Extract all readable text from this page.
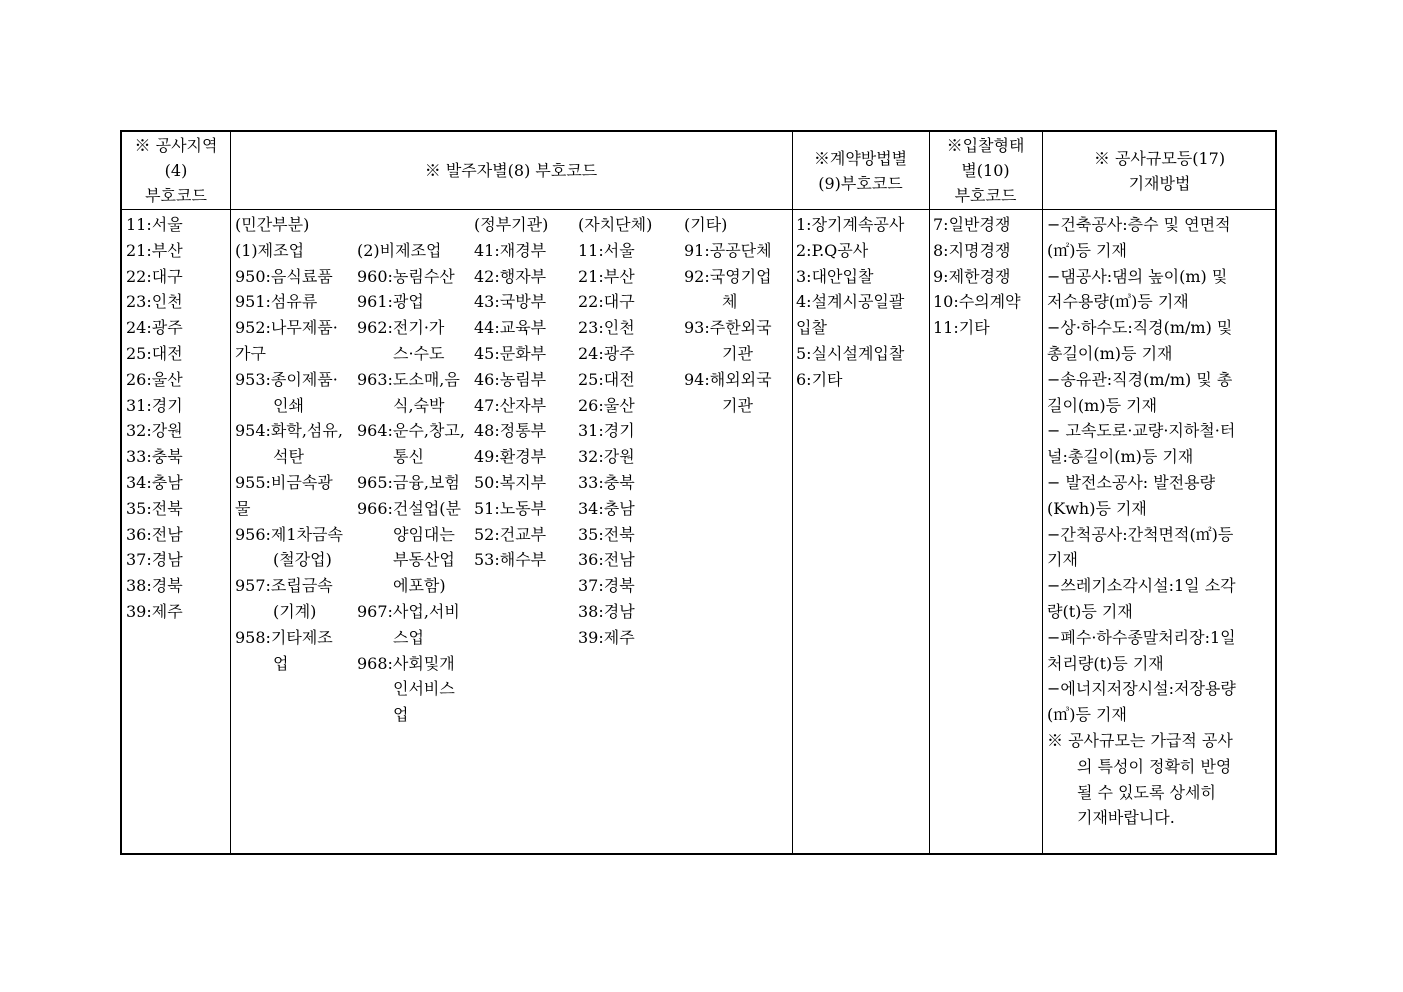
※ 공사지역
(4)
부호코드
※ 발주자별(8) 부호코드
※계약방법별
(9)부호코드
※입찰형태
별(10)
부호코드
※ 공사규모등(17)
기재방법
11:서울
21:부산
22:대구
23:인천
24:광주
25:대전
26:울산
31:경기
32:강원
33:충북
34:충남
35:전북
36:전남
37:경남
38:경북
39:제주
(민간부분)
(1)제조업
950:음식료품
951:섬유류
952:나무제품·
가구
953:종이제품·
인쇄
954:화학,섬유,
석탄
955:비금속광
물
956:제1차금속
(철강업)
957:조립금속
(기계)
958:기타제조
업
(2)비제조업
960:농림수산
961:광업
962:전기·가
스·수도
963:도소매,음
식,숙박
964:운수,창고,
통신
965:금융,보험
966:건설업(분
양임대는
부동산업
에포함)
967:사업,서비
스업
968:사회및개
인서비스
업
(정부기관)
41:재경부
42:행자부
43:국방부
44:교육부
45:문화부
46:농림부
47:산자부
48:정통부
49:환경부
50:복지부
51:노동부
52:건교부
53:해수부
(자치단체)
11:서울
21:부산
22:대구
23:인천
24:광주
25:대전
26:울산
31:경기
32:강원
33:충북
34:충남
35:전북
36:전남
37:경북
38:경남
39:제주
(기타)
91:공공단체
92:국영기업
체
93:주한외국
기관
94:해외외국
기관
1:장기계속공사
2:P.Q공사
3:대안입찰
4:설계시공일괄
입찰
5:실시설계입찰
6:기타
7:일반경쟁
8:지명경쟁
9:제한경쟁
10:수의계약
11:기타
−건축공사:층수 및 연면적
(㎡)등 기재
−댐공사:댐의 높이(m) 및
저수용량(㎥)등 기재
−상·하수도:직경(m/m) 및
총길이(m)등 기재
−송유관:직경(m/m) 및 총
길이(m)등 기재
− 고속도로·교량·지하철·터
널:총길이(m)등 기재
− 발전소공사: 발전용량
(Kwh)등 기재
−간척공사:간척면적(㎡)등
기재
−쓰레기소각시설:1일 소각
량(t)등 기재
−폐수·하수종말처리장:1일
처리량(t)등 기재
−에너지저장시설:저장용량
(㎥)등 기재
※ 공사규모는 가급적 공사
의 특성이 정확히 반영
될 수 있도록 상세히
기재바랍니다.
